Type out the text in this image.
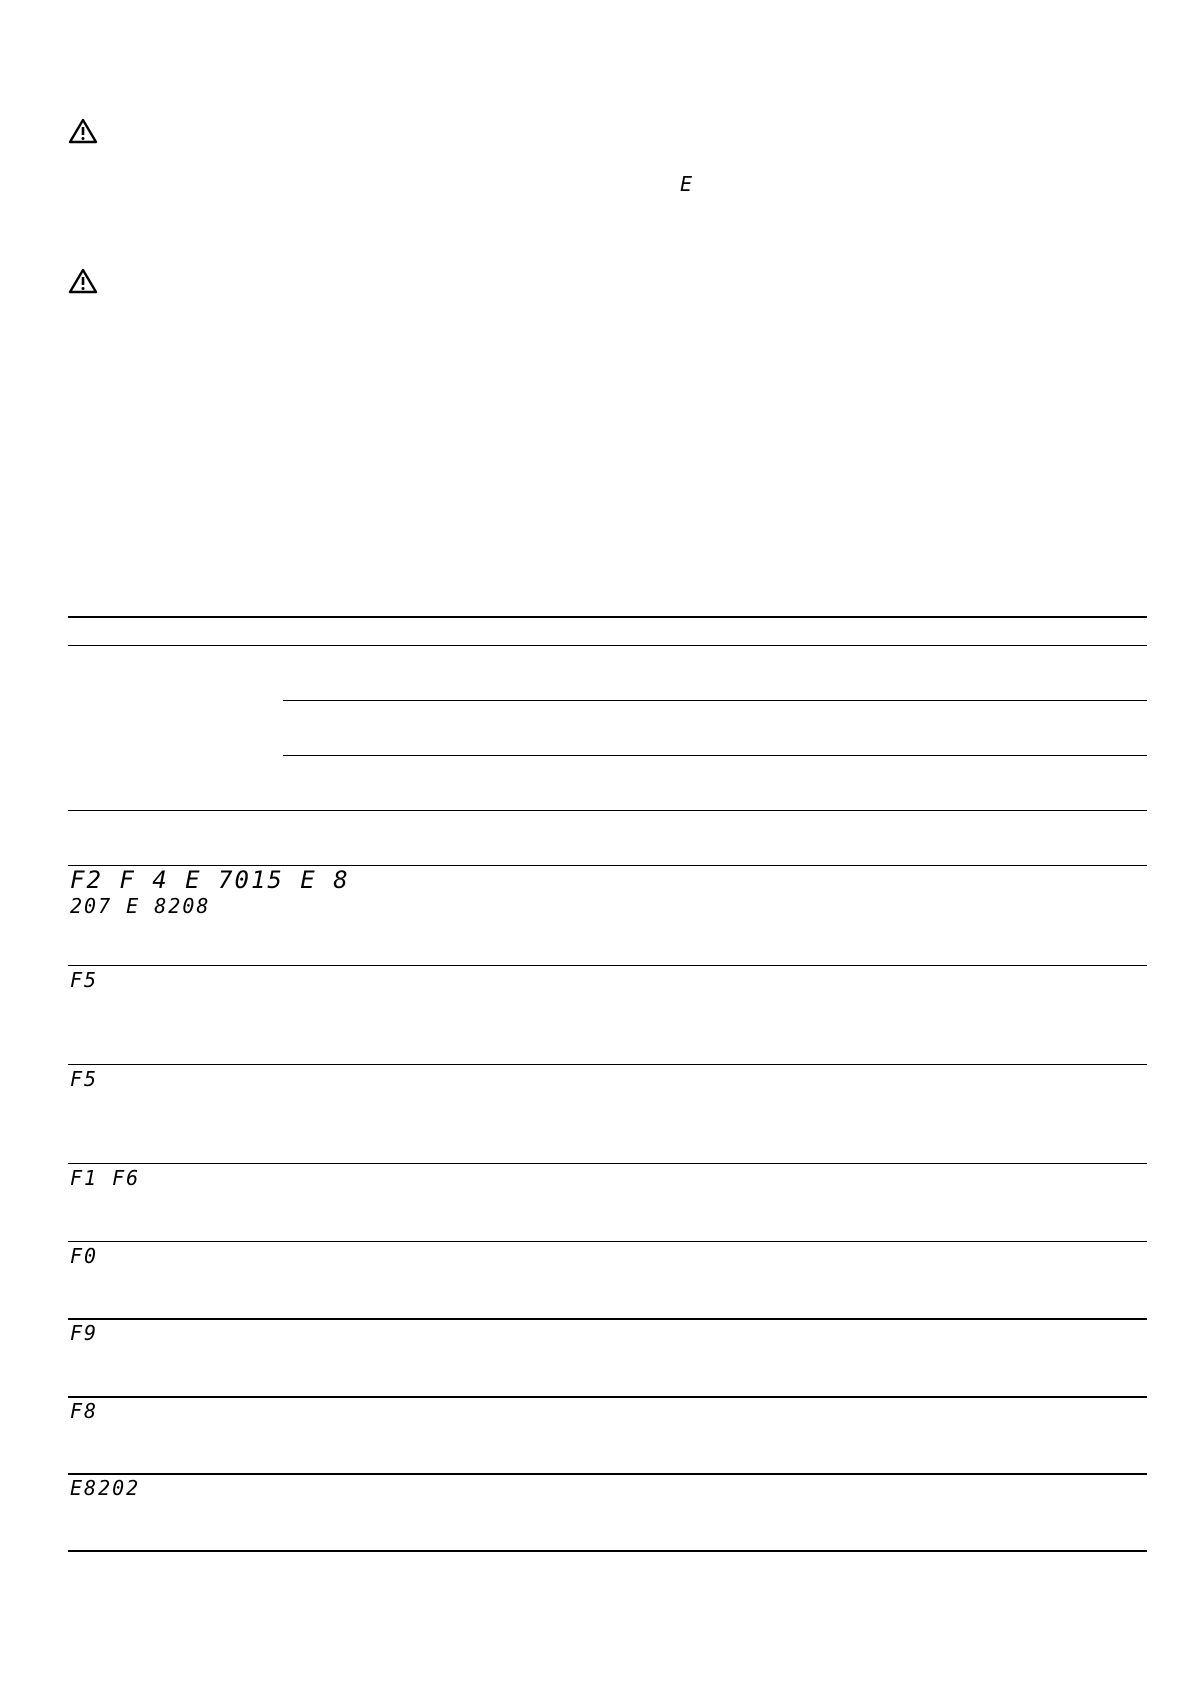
E
F2 F 4 E 7015 E 8
207 E 8208
F5
F5
F1 F6
F0
F9
F8
E8202
